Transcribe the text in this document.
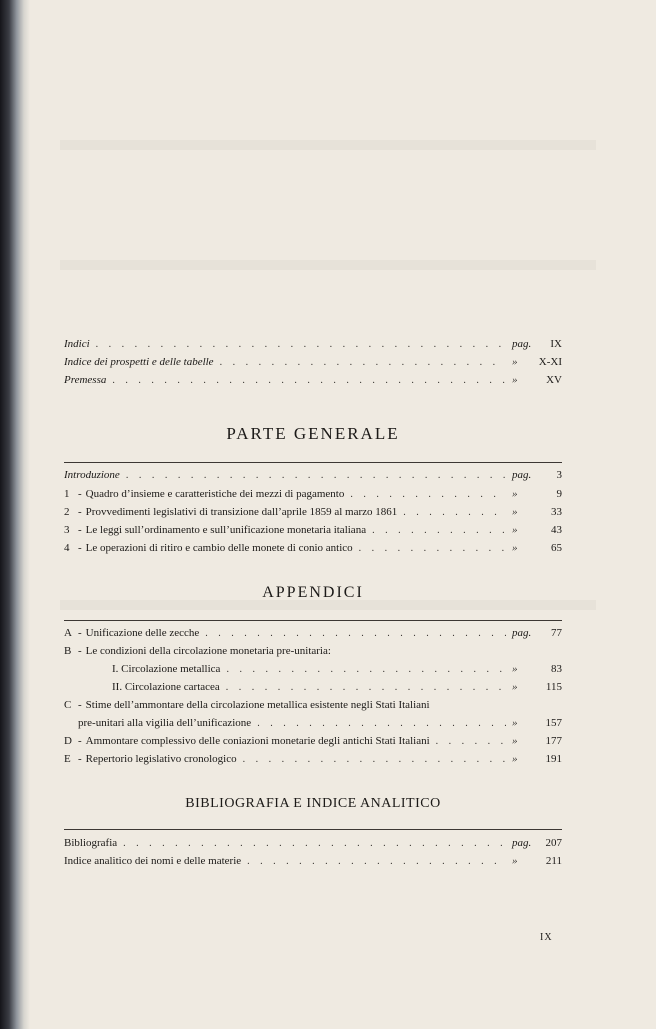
Indici . . .	pag.	IX
Indice dei prospetti e delle tabelle . . .	»	X-XI
Premessa . . .	»	XV
PARTE GENERALE
Introduzione . . .	pag.	3
1 - Quadro d’insieme e caratteristiche dei mezzi di pagamento . . .	»	9
2 - Provvedimenti legislativi di transizione dall’aprile 1859 al marzo 1861 . . .	»	33
3 - Le leggi sull’ordinamento e sull’unificazione monetaria italiana . . .	»	43
4 - Le operazioni di ritiro e cambio delle monete di conio antico . . .	»	65
APPENDICI
A - Unificazione delle zecche . . .	pag.	77
B - Le condizioni della circolazione monetaria pre-unitaria:
I. Circolazione metallica . . .	»	83
II. Circolazione cartacea . . .	»	115
C - Stime dell’ammontare della circolazione metallica esistente negli Stati Italiani
pre-unitari alla vigilia dell’unificazione . . .	»	157
D - Ammontare complessivo delle coniazioni monetarie degli antichi Stati Italiani . . .	»	177
E - Repertorio legislativo cronologico . . .	»	191
BIBLIOGRAFIA E INDICE ANALITICO
Bibliografia . . .	pag.	207
Indice analitico dei nomi e delle materie . . .	»	211
IX
